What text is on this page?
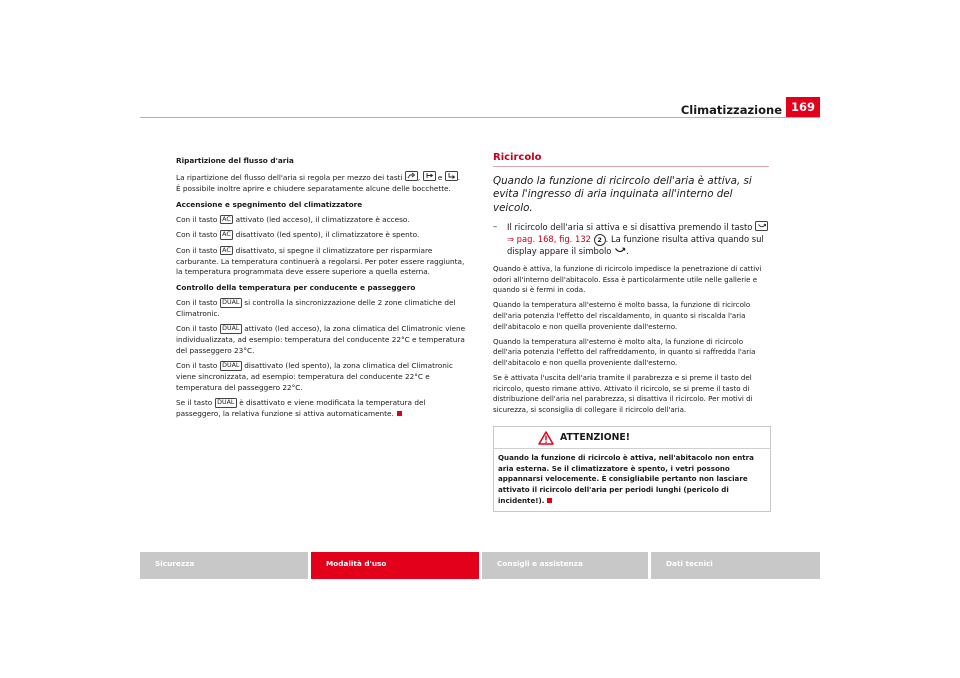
Climatizzazione 169

Ripartizione del flusso d'aria

La ripartizione del flusso dell'aria si regola per mezzo dei tasti , e .
È possibile inoltre aprire e chiudere separatamente alcune delle bocchette.

Accensione e spegnimento del climatizzatore

Con il tasto AC attivato (led acceso), il climatizzatore è acceso.

Con il tasto AC disattivato (led spento), il climatizzatore è spento.

Con il tasto AC disattivato, si spegne il climatizzatore per risparmiare carburante. La temperatura continuerà a regolarsi. Per poter essere raggiunta, la temperatura programmata deve essere superiore a quella esterna.

Controllo della temperatura per conducente e passeggero

Con il tasto DUAL si controlla la sincronizzazione delle 2 zone climatiche del Climatronic.

Con il tasto DUAL attivato (led acceso), la zona climatica del Climatronic viene individualizzata, ad esempio: temperatura del conducente 22°C e temperatura del passeggero 23°C.

Con il tasto DUAL disattivato (led spento), la zona climatica del Climatronic viene sincronizzata, ad esempio: temperatura del conducente 22°C e temperatura del passeggero 22°C.

Se il tasto DUAL è disattivato e viene modificata la temperatura del passeggero, la relativa funzione si attiva automaticamente.

Ricircolo

Quando la funzione di ricircolo dell'aria è attiva, si evita l'ingresso di aria inquinata all'interno del veicolo.

–	Il ricircolo dell'aria si attiva e si disattiva premendo il tasto
⇒ pag. 168, fig. 132 2 . La funzione risulta attiva quando sul display appare il simbolo .

Quando è attiva, la funzione di ricircolo impedisce la penetrazione di cattivi odori all'interno dell'abitacolo. Essa è particolarmente utile nelle gallerie e quando si è fermi in coda.

Quando la temperatura all'esterno è molto bassa, la funzione di ricircolo dell'aria potenzia l'effetto del riscaldamento, in quanto si riscalda l'aria dell'abitacolo e non quella proveniente dall'esterno.

Quando la temperatura all'esterno è molto alta, la funzione di ricircolo dell'aria potenzia l'effetto del raffreddamento, in quanto si raffredda l'aria dell'abitacolo e non quella proveniente dall'esterno.

Se è attivata l'uscita dell'aria tramite il parabrezza e si preme il tasto del ricircolo, questo rimane attivo. Attivato il ricircolo, se si preme il tasto di distribuzione dell'aria nel parabrezza, si disattiva il ricircolo. Per motivi di sicurezza, si sconsiglia di collegare il ricircolo dell'aria.

ATTENZIONE!
Quando la funzione di ricircolo è attiva, nell'abitacolo non entra aria esterna. Se il climatizzatore è spento, i vetri possono appannarsi velocemente. È consigliabile pertanto non lasciare attivato il ricircolo dell'aria per periodi lunghi (pericolo di incidente!).
Sicurezza	Modalità d'uso	Consigli e assistenza	Dati tecnici
